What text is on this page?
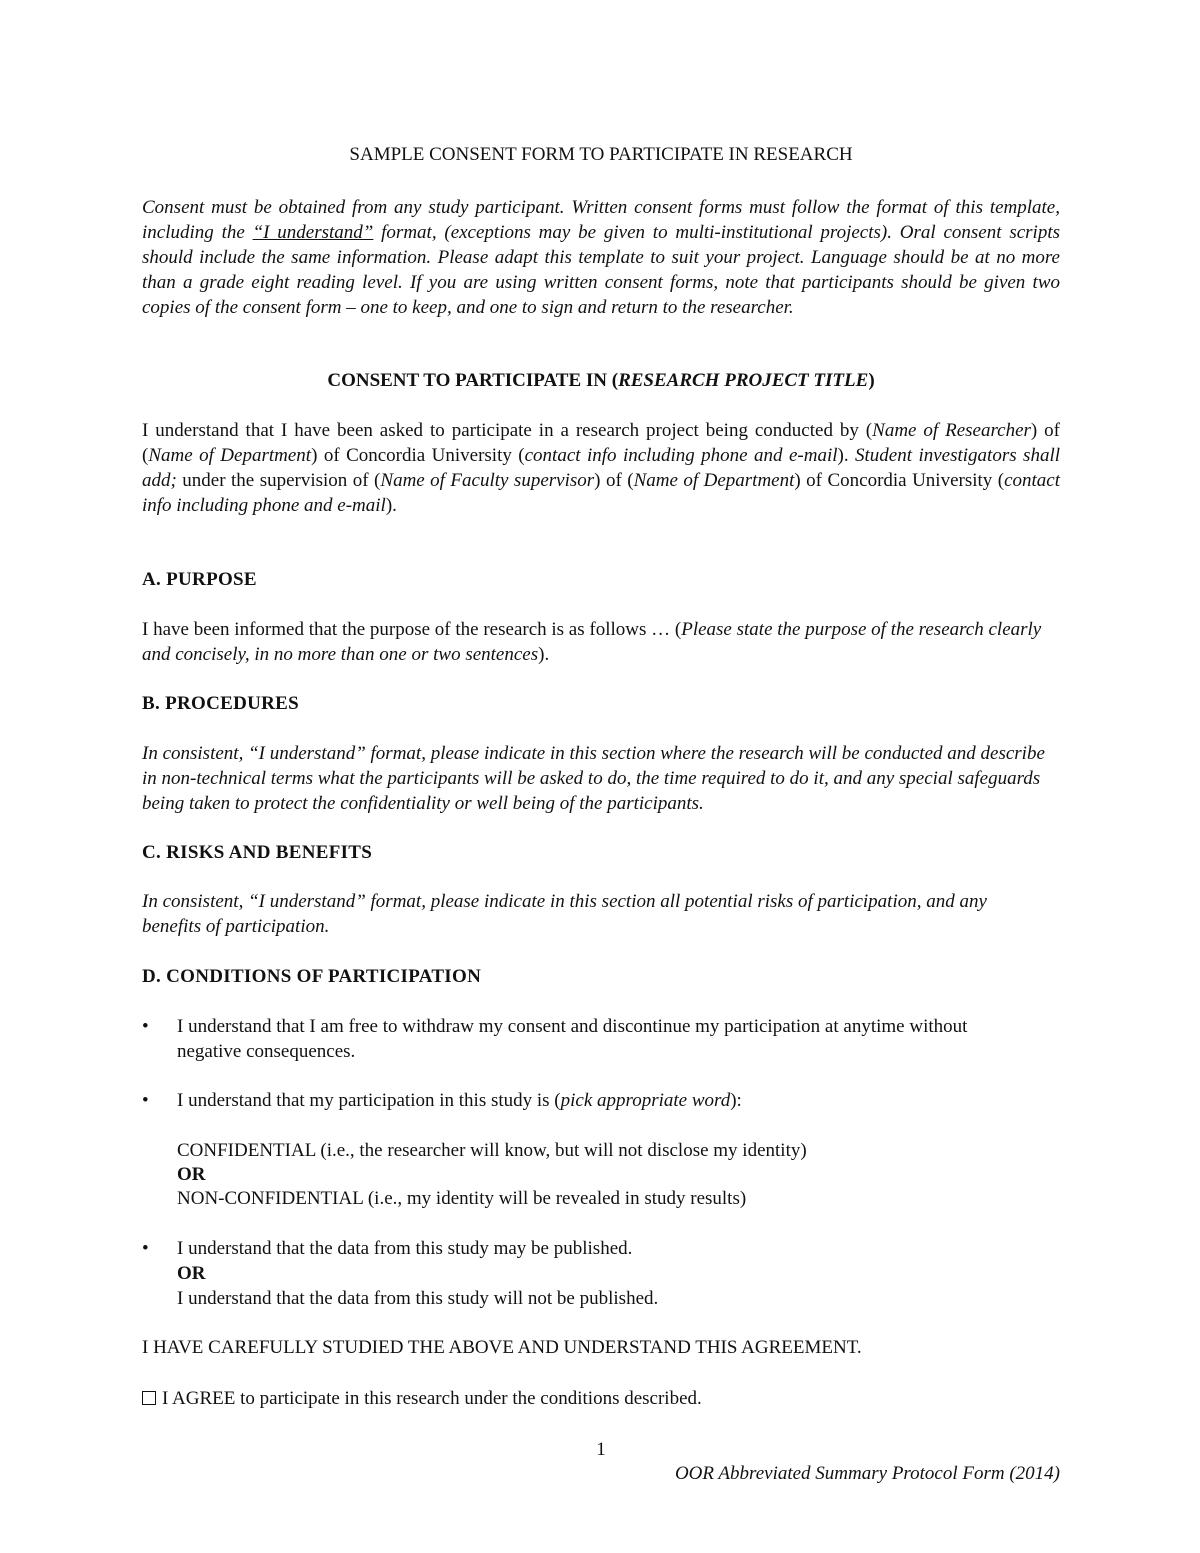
SAMPLE CONSENT FORM TO PARTICIPATE IN RESEARCH

Consent must be obtained from any study participant. Written consent forms must follow the format of this template, including the “I understand” format, (exceptions may be given to multi-institutional projects). Oral consent scripts should include the same information. Please adapt this template to suit your project. Language should be at no more than a grade eight reading level. If you are using written consent forms, note that participants should be given two copies of the consent form – one to keep, and one to sign and return to the researcher.

CONSENT TO PARTICIPATE IN (RESEARCH PROJECT TITLE)

I understand that I have been asked to participate in a research project being conducted by (Name of Researcher) of (Name of Department) of Concordia University (contact info including phone and e-mail). Student investigators shall add; under the supervision of (Name of Faculty supervisor) of (Name of Department) of Concordia University (contact info including phone and e-mail).

A. PURPOSE

I have been informed that the purpose of the research is as follows … (Please state the purpose of the research clearly and concisely, in no more than one or two sentences).

B. PROCEDURES

In consistent, “I understand” format, please indicate in this section where the research will be conducted and describe in non-technical terms what the participants will be asked to do, the time required to do it, and any special safeguards being taken to protect the confidentiality or well being of the participants.

C. RISKS AND BENEFITS

In consistent, “I understand” format, please indicate in this section all potential risks of participation, and any benefits of participation.

D. CONDITIONS OF PARTICIPATION

•	I understand that I am free to withdraw my consent and discontinue my participation at anytime without negative consequences.

•	I understand that my participation in this study is (pick appropriate word):

CONFIDENTIAL (i.e., the researcher will know, but will not disclose my identity)

OR

NON-CONFIDENTIAL (i.e., my identity will be revealed in study results)

•	I understand that the data from this study may be published.

OR

I understand that the data from this study will not be published.

I HAVE CAREFULLY STUDIED THE ABOVE AND UNDERSTAND THIS AGREEMENT.

I AGREE to participate in this research under the conditions described.

1
OOR Abbreviated Summary Protocol Form (2014)
